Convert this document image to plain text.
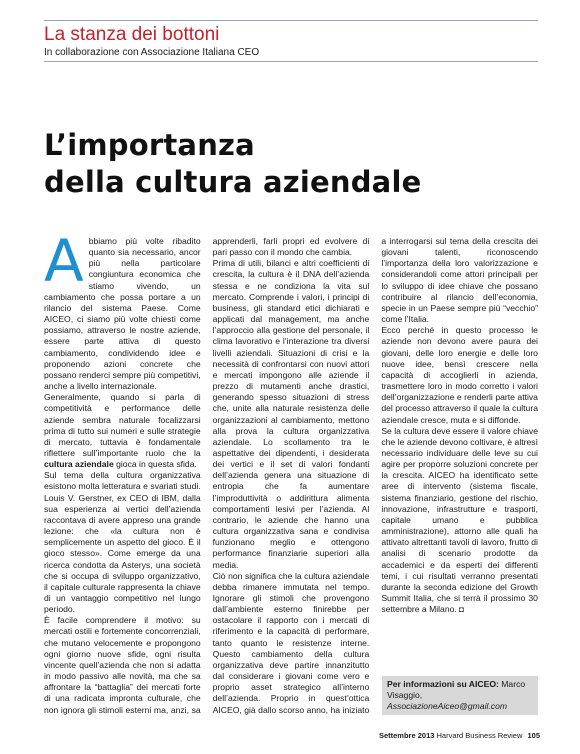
La stanza dei bottoni
In collaborazione con Associazione Italiana CEO
L’importanza
della cultura aziendale

Abbiamo più volte ribadito quanto sia necessario, ancor più nella particolare congiuntura economica che stiamo vivendo, un cambiamento che possa portare a un rilancio del sistema Paese. Come AICEO, ci siamo più volte chiesti come possiamo, attraverso le nostre aziende, essere parte attiva di questo cambiamento, condividendo idee e proponendo azioni concrete che possano renderci sempre più competitivi, anche a livello internazionale.

Generalmente, quando si parla di competitività e performance delle aziende sembra naturale focalizzarsi prima di tutto sui numeri e sulle strategie di mercato, tuttavia è fondamentale riflettere sull’importante ruolo che la cultura aziendale gioca in questa sfida.

Sul tema della cultura organizzativa esistono molta letteratura e svariati studi. Louis V. Gerstner, ex CEO di IBM, dalla sua esperienza ai vertici dell’azienda raccontava di avere appreso una grande lezione: che «la cultura non è semplicemente un aspetto del gioco. È il gioco stesso». Come emerge da una ricerca condotta da Asterys, una società che si occupa di sviluppo organizzativo, il capitale culturale rappresenta la chiave di un vantaggio competitivo nel lungo periodo.

È facile comprendere il motivo: su mercati ostili e fortemente concorrenziali, che mutano velocemente e propongono ogni giorno nuove sfide, ogni risulta vincente quell’azienda che non si adatta in modo passivo alle novità, ma che sa affrontare la “battaglia” dei mercati forte di una radicata impronta culturale, che non ignora gli stimoli esterni ma, anzi, sa apprenderli, farli propri ed evolvere di pari passo con il mondo che cambia.

Prima di utili, bilanci e altri coefficienti di crescita, la cultura è il DNA dell’azienda stessa e ne condiziona la vita sul mercato. Comprende i valori, i principi di business, gli standard etici dichiarati e applicati dal management, ma anche l’approccio alla gestione del personale, il clima lavorativo e l’interazione tra diversi livelli aziendali. Situazioni di crisi e la necessità di confrontarsi con nuovi attori e mercati impongono alle aziende il prezzo di mutamenti anche drastici, generando spesso situazioni di stress che, unite alla naturale resistenza delle organizzazioni al cambiamento, mettono alla prova la cultura organizzativa aziendale. Lo scollamento tra le aspettative dei dipendenti, i desiderata dei vertici e il set di valori fondanti dell’azienda genera una situazione di entropia che fa aumentare l’improduttività o addirittura alimenta comportamenti lesivi per l’azienda. Al contrario, le aziende che hanno una cultura organizzativa sana e condivisa funzionano meglio e ottengono performance finanziarie superiori alla media.

Ciò non significa che la cultura aziendale debba rimanere immutata nel tempo. Ignorare gli stimoli che provengono dall’ambiente esterno finirebbe per ostacolare il rapporto con i mercati di riferimento e la capacità di performare, tanto quanto le resistenze interne. Questo cambiamento della cultura organizzativa deve partire innanzitutto dal considerare i giovani come vero e proprio asset strategico all’interno dell’azienda. Proprio in quest’ottica AICEO, già dallo scorso anno, ha iniziato a interrogarsi sul tema della crescita dei giovani talenti, riconoscendo l’importanza della loro valorizzazione e considerandoli come attori principali per lo sviluppo di idee chiave che possano contribuire al rilancio dell’economia, specie in un Paese sempre più “vecchio” come l’Italia.

Ecco perché in questo processo le aziende non devono avere paura dei giovani, delle loro energie e delle loro nuove idee, bensì crescere nella capacità di accoglierli in azienda, trasmettere loro in modo corretto i valori dell’organizzazione e renderli parte attiva del processo attraverso il quale la cultura aziendale cresce, muta e si diffonde.

Se la cultura deve essere il valore chiave che le aziende devono coltivare, è altresì necessario individuare delle leve su cui agire per proporre soluzioni concrete per la crescita. AICEO ha identificato sette aree di intervento (sistema fiscale, sistema finanziario, gestione del rischio, innovazione, infrastrutture e trasporti, capitale umano e pubblica amministrazione), attorno alle quali ha attivato altrettanti tavoli di lavoro, frutto di analisi di scenario prodotte da accademici e da esperti dei differenti temi, i cui risultati verranno presentati durante la seconda edizione del Growth Summit Italia, che si terrà il prossimo 30 settembre a Milano. ◘

Per informazioni su AICEO: Marco Visaggio, AssociazioneAiceo@gmail.com
Settembre 2013 Harvard Business Review 105
